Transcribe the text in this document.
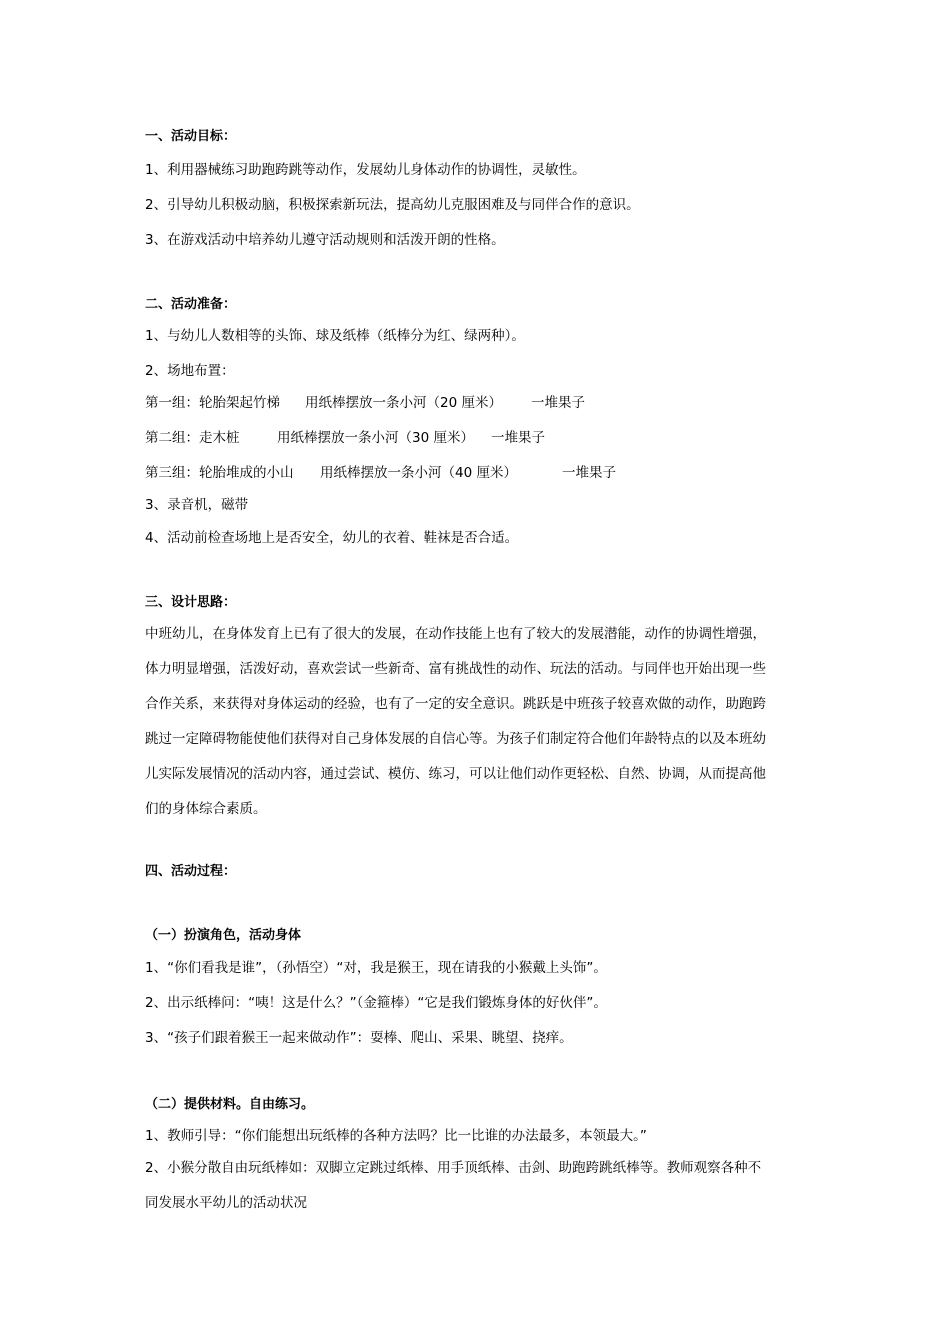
一、活动目标：
1、利用器械练习助跑跨跳等动作，发展幼儿身体动作的协调性，灵敏性。
2、引导幼儿积极动脑，积极探索新玩法，提高幼儿克服困难及与同伴合作的意识。
3、在游戏活动中培养幼儿遵守活动规则和活泼开朗的性格。
二、活动准备：
1、与幼儿人数相等的头饰、球及纸棒（纸棒分为红、绿两种）。
2、场地布置：
第一组：轮胎架起竹梯 用纸棒摆放一条小河（20 厘米） 一堆果子
第二组：走木桩	用纸棒摆放一条小河（30 厘米） 一堆果子
第三组：轮胎堆成的小山 用纸棒摆放一条小河（40 厘米）	一堆果子
3、录音机，磁带
4、活动前检查场地上是否安全，幼儿的衣着、鞋袜是否合适。
三、设计思路：
中班幼儿，在身体发育上已有了很大的发展，在动作技能上也有了较大的发展潜能，动作的协调性增强，
体力明显增强，活泼好动，喜欢尝试一些新奇、富有挑战性的动作、玩法的活动。与同伴也开始出现一些
合作关系，来获得对身体运动的经验，也有了一定的安全意识。跳跃是中班孩子较喜欢做的动作，助跑跨
跳过一定障碍物能使他们获得对自己身体发展的自信心等。为孩子们制定符合他们年龄特点的以及本班幼
儿实际发展情况的活动内容，通过尝试、模仿、练习，可以让他们动作更轻松、自然、协调，从而提高他
们的身体综合素质。
四、活动过程：
（一）扮演角色，活动身体
1、“你们看我是谁”，（孙悟空）“对，我是猴王，现在请我的小猴戴上头饰”。
2、出示纸棒问：“咦！这是什么？”（金箍棒）“它是我们锻炼身体的好伙伴”。
3、“孩子们跟着猴王一起来做动作”：耍棒、爬山、采果、眺望、挠痒。
（二）提供材料。自由练习。
1、教师引导：“你们能想出玩纸棒的各种方法吗？比一比谁的办法最多，本领最大。”
2、小猴分散自由玩纸棒如：双脚立定跳过纸棒、用手顶纸棒、击剑、助跑跨跳纸棒等。教师观察各种不
同发展水平幼儿的活动状况
